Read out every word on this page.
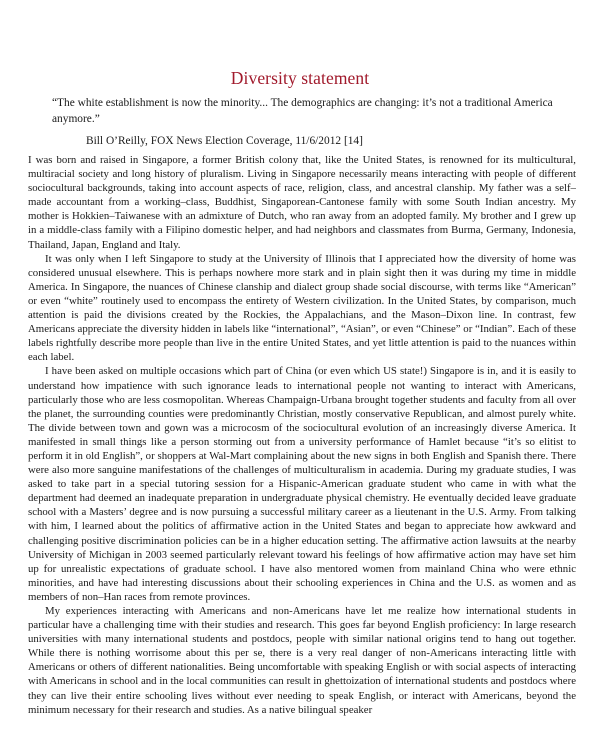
Diversity statement
“The white establishment is now the minority... The demographics are changing: it’s not a traditional America anymore.”
Bill O’Reilly, FOX News Election Coverage, 11/6/2012 [14]

I was born and raised in Singapore, a former British colony that, like the United States, is renowned for its multicultural, multiracial society and long history of pluralism. Living in Singapore necessarily means interacting with people of different sociocultural backgrounds, taking into account aspects of race, religion, class, and ancestral clanship. My father was a self–made accountant from a working–class, Buddhist, Singaporean-Cantonese family with some South Indian ancestry. My mother is Hokkien–Taiwanese with an admixture of Dutch, who ran away from an adopted family. My brother and I grew up in a middle-class family with a Filipino domestic helper, and had neighbors and classmates from Burma, Germany, Indonesia, Thailand, Japan, England and Italy.

It was only when I left Singapore to study at the University of Illinois that I appreciated how the diversity of home was considered unusual elsewhere. This is perhaps nowhere more stark and in plain sight then it was during my time in middle America. In Singapore, the nuances of Chinese clanship and dialect group shade social discourse, with terms like “American” or even “white” routinely used to encompass the entirety of Western civilization. In the United States, by comparison, much attention is paid the divisions created by the Rockies, the Appalachians, and the Mason–Dixon line. In contrast, few Americans appreciate the diversity hidden in labels like “international”, “Asian”, or even “Chinese” or “Indian”. Each of these labels rightfully describe more people than live in the entire United States, and yet little attention is paid to the nuances within each label.

I have been asked on multiple occasions which part of China (or even which US state!) Singapore is in, and it is easily to understand how impatience with such ignorance leads to international people not wanting to interact with Americans, particularly those who are less cosmopolitan. Whereas Champaign-Urbana brought together students and faculty from all over the planet, the surrounding counties were predominantly Christian, mostly conservative Republican, and almost purely white. The divide between town and gown was a microcosm of the sociocultural evolution of an increasingly diverse America. It manifested in small things like a person storming out from a university performance of Hamlet because “it’s so elitist to perform it in old English”, or shoppers at Wal-Mart complaining about the new signs in both English and Spanish there. There were also more sanguine manifestations of the challenges of multiculturalism in academia. During my graduate studies, I was asked to take part in a special tutoring session for a Hispanic-American graduate student who came in with what the department had deemed an inadequate preparation in undergraduate physical chemistry. He eventually decided leave graduate school with a Masters’ degree and is now pursuing a successful military career as a lieutenant in the U.S. Army. From talking with him, I learned about the politics of affirmative action in the United States and began to appreciate how awkward and challenging positive discrimination policies can be in a higher education setting. The affirmative action lawsuits at the nearby University of Michigan in 2003 seemed particularly relevant toward his feelings of how affirmative action may have set him up for unrealistic expectations of graduate school. I have also mentored women from mainland China who were ethnic minorities, and have had interesting discussions about their schooling experiences in China and the U.S. as women and as members of non–Han races from remote provinces.

My experiences interacting with Americans and non-Americans have let me realize how international students in particular have a challenging time with their studies and research. This goes far beyond English proficiency: In large research universities with many international students and postdocs, people with similar national origins tend to hang out together. While there is nothing worrisome about this per se, there is a very real danger of non-Americans interacting little with Americans or others of different nationalities. Being uncomfortable with speaking English or with social aspects of interacting with Americans in school and in the local communities can result in ghettoization of international students and postdocs where they can live their entire schooling lives without ever needing to speak English, or interact with Americans, beyond the minimum necessary for their research and studies. As a native bilingual speaker
